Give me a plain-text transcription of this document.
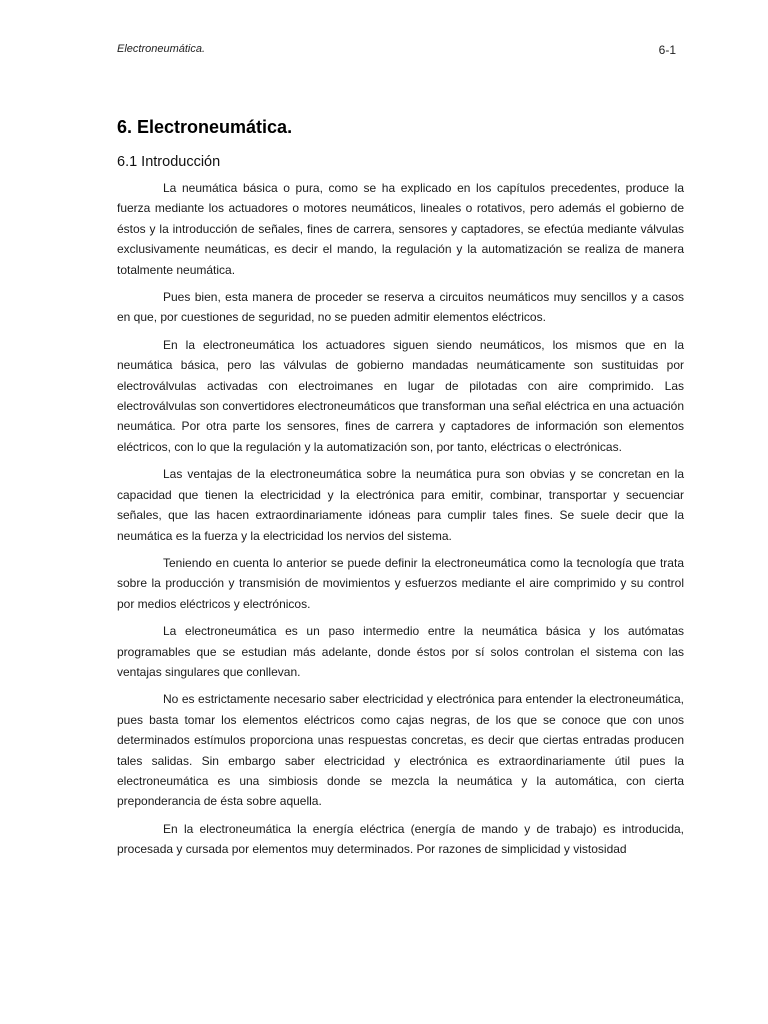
Electroneumática.	6-1
6. Electroneumática.
6.1 Introducción

La neumática básica o pura, como se ha explicado en los capítulos precedentes, produce la fuerza mediante los actuadores o motores neumáticos, lineales o rotativos, pero además el gobierno de éstos y la introducción de señales, fines de carrera, sensores y captadores, se efectúa mediante válvulas exclusivamente neumáticas, es decir el mando, la regulación y la automatización se realiza de manera totalmente neumática.

Pues bien, esta manera de proceder se reserva a circuitos neumáticos muy sencillos y a casos en que, por cuestiones de seguridad, no se pueden admitir elementos eléctricos.

En la electroneumática los actuadores siguen siendo neumáticos, los mismos que en la neumática básica, pero las válvulas de gobierno mandadas neumáticamente son sustituidas por electroválvulas activadas con electroimanes en lugar de pilotadas con aire comprimido. Las electroválvulas son convertidores electroneumáticos que transforman una señal eléctrica en una actuación neumática. Por otra parte los sensores, fines de carrera y captadores de información son elementos eléctricos, con lo que la regulación y la automatización son, por tanto, eléctricas o electrónicas.

Las ventajas de la electroneumática sobre la neumática pura son obvias y se concretan en la capacidad que tienen la electricidad y la electrónica para emitir, combinar, transportar y secuenciar señales, que las hacen extraordinariamente idóneas para cumplir tales fines. Se suele decir que la neumática es la fuerza y la electricidad los nervios del sistema.

Teniendo en cuenta lo anterior se puede definir la electroneumática como la tecnología que trata sobre la producción y transmisión de movimientos y esfuerzos mediante el aire comprimido y su control por medios eléctricos y electrónicos.

La electroneumática es un paso intermedio entre la neumática básica y los autómatas programables que se estudian más adelante, donde éstos por sí solos controlan el sistema con las ventajas singulares que conllevan.

No es estrictamente necesario saber electricidad y electrónica para entender la electroneumática, pues basta tomar los elementos eléctricos como cajas negras, de los que se conoce que con unos determinados estímulos proporciona unas respuestas concretas, es decir que ciertas entradas producen tales salidas. Sin embargo saber electricidad y electrónica es extraordinariamente útil pues la electroneumática es una simbiosis donde se mezcla la neumática y la automática, con cierta preponderancia de ésta sobre aquella.

En la electroneumática la energía eléctrica (energía de mando y de trabajo) es introducida, procesada y cursada por elementos muy determinados. Por razones de simplicidad y vistosidad
